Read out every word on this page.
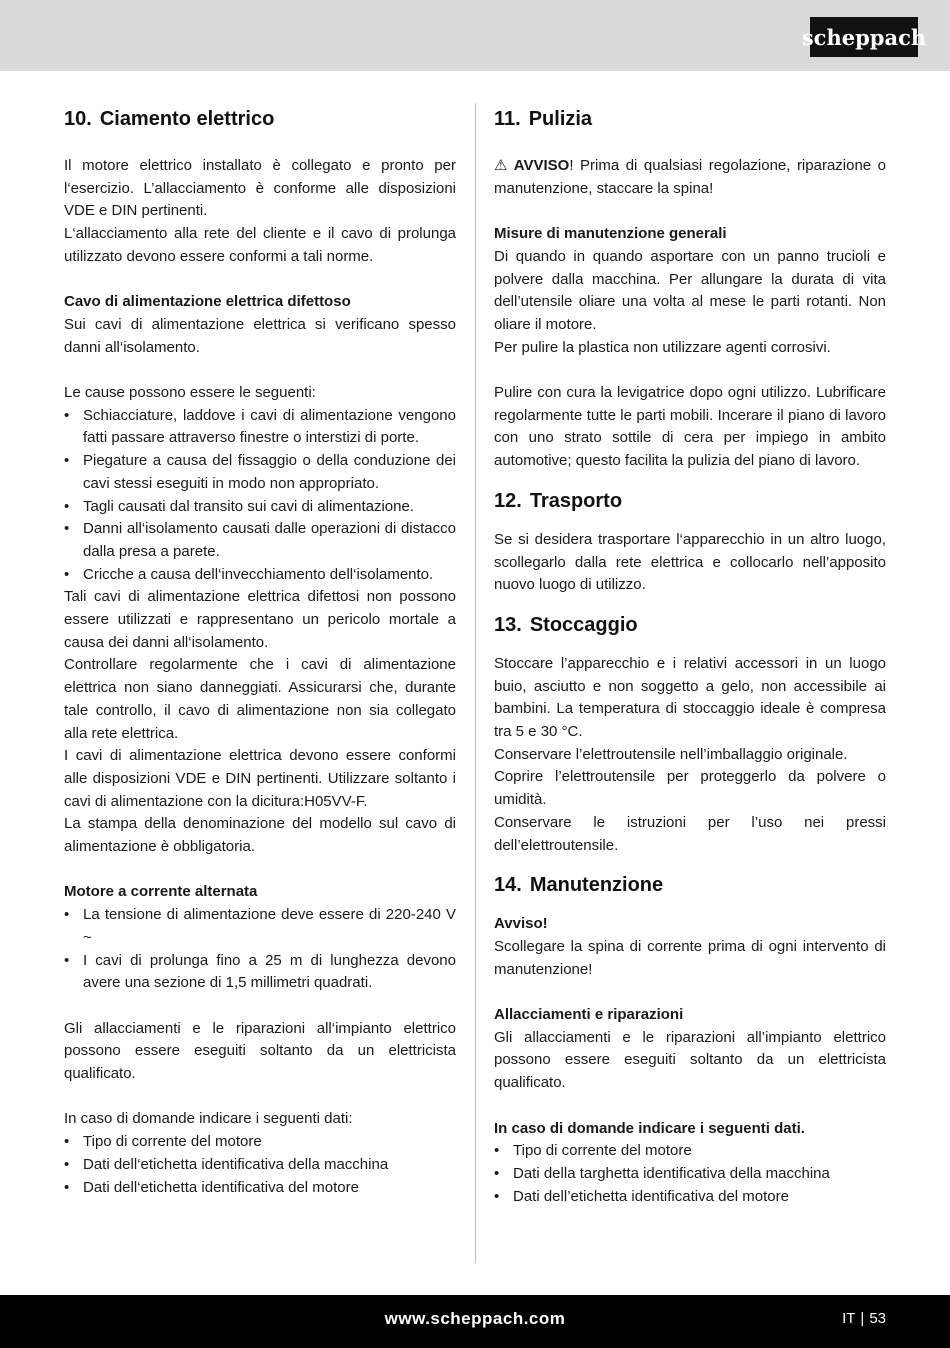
scheppach
10. Ciamento elettrico

Il motore elettrico installato è collegato e pronto per l‘esercizio. L’allacciamento è conforme alle disposizioni VDE e DIN pertinenti.

L‘allacciamento alla rete del cliente e il cavo di prolunga utilizzato devono essere conformi a tali norme.

Cavo di alimentazione elettrica difettoso

Sui cavi di alimentazione elettrica si verificano spesso danni all‘isolamento.

Le cause possono essere le seguenti:

• Schiacciature, laddove i cavi di alimentazione vengono fatti passare attraverso finestre o interstizi di porte.
• Piegature a causa del fissaggio o della conduzione dei cavi stessi eseguiti in modo non appropriato.
• Tagli causati dal transito sui cavi di alimentazione.
• Danni all‘isolamento causati dalle operazioni di distacco dalla presa a parete.
• Cricche a causa dell‘invecchiamento dell‘isolamento.

Tali cavi di alimentazione elettrica difettosi non possono essere utilizzati e rappresentano un pericolo mortale a causa dei danni all‘isolamento.

Controllare regolarmente che i cavi di alimentazione elettrica non siano danneggiati. Assicurarsi che, durante tale controllo, il cavo di alimentazione non sia collegato alla rete elettrica.

I cavi di alimentazione elettrica devono essere conformi alle disposizioni VDE e DIN pertinenti. Utilizzare soltanto i cavi di alimentazione con la dicitura:H05VV-F.

La stampa della denominazione del modello sul cavo di alimentazione è obbligatoria.

Motore a corrente alternata

• La tensione di alimentazione deve essere di 220-240 V ~
• I cavi di prolunga fino a 25 m di lunghezza devono avere una sezione di 1,5 millimetri quadrati.

Gli allacciamenti e le riparazioni all‘impianto elettrico possono essere eseguiti soltanto da un elettricista qualificato.

In caso di domande indicare i seguenti dati:

• Tipo di corrente del motore
• Dati dell‘etichetta identificativa della macchina
• Dati dell‘etichetta identificativa del motore
11. Pulizia

⚠ AVVISO! Prima di qualsiasi regolazione, riparazione o manutenzione, staccare la spina!

Misure di manutenzione generali

Di quando in quando asportare con un panno trucioli e polvere dalla macchina. Per allungare la durata di vita dell’utensile oliare una volta al mese le parti rotanti. Non oliare il motore.

Per pulire la plastica non utilizzare agenti corrosivi.

Pulire con cura la levigatrice dopo ogni utilizzo. Lubrificare regolarmente tutte le parti mobili. Incerare il piano di lavoro con uno strato sottile di cera per impiego in ambito automotive; questo facilita la pulizia del piano di lavoro.

12. Trasporto

Se si desidera trasportare l‘apparecchio in un altro luogo, scollegarlo dalla rete elettrica e collocarlo nell’apposito nuovo luogo di utilizzo.

13. Stoccaggio

Stoccare l’apparecchio e i relativi accessori in un luogo buio, asciutto e non soggetto a gelo, non accessibile ai bambini. La temperatura di stoccaggio ideale è compresa tra 5 e 30 °C.

Conservare l’elettroutensile nell’imballaggio originale.

Coprire l’elettroutensile per proteggerlo da polvere o umidità.

Conservare le istruzioni per l’uso nei pressi dell’elettroutensile.

14. Manutenzione

Avviso!

Scollegare la spina di corrente prima di ogni intervento di manutenzione!

Allacciamenti e riparazioni

Gli allacciamenti e le riparazioni all’impianto elettrico possono essere eseguiti soltanto da un elettricista qualificato.

In caso di domande indicare i seguenti dati.

• Tipo di corrente del motore
• Dati della targhetta identificativa della macchina
• Dati dell’etichetta identificativa del motore
www.scheppach.com	IT | 53
